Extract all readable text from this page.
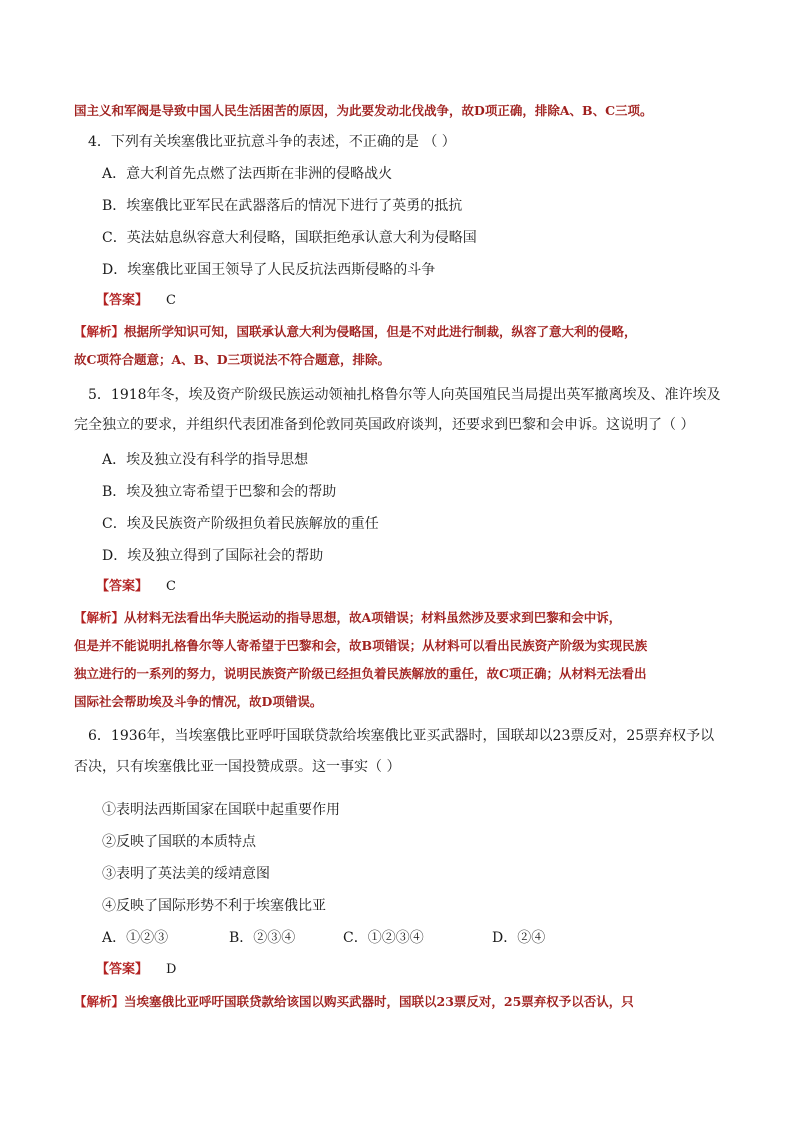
国主义和军阀是导致中国人民生活困苦的原因，为此要发动北伐战争，故D项正确，排除A、B、C三项。
4．下列有关埃塞俄比亚抗意斗争的表述，不正确的是 （ ）
A．意大利首先点燃了法西斯在非洲的侵略战火
B．埃塞俄比亚军民在武器落后的情况下进行了英勇的抵抗
C．英法姑息纵容意大利侵略，国联拒绝承认意大利为侵略国
D．埃塞俄比亚国王领导了人民反抗法西斯侵略的斗争
【答案】 C
【解析】根据所学知识可知，国联承认意大利为侵略国，但是不对此进行制裁，纵容了意大利的侵略，
故C项符合题意；A、B、D三项说法不符合题意，排除。
5．1918年冬，埃及资产阶级民族运动领袖扎格鲁尔等人向英国殖民当局提出英军撤离埃及、准许埃及
完全独立的要求，并组织代表团准备到伦敦同英国政府谈判，还要求到巴黎和会申诉。这说明了（ ）
A．埃及独立没有科学的指导思想
B．埃及独立寄希望于巴黎和会的帮助
C．埃及民族资产阶级担负着民族解放的重任
D．埃及独立得到了国际社会的帮助
【答案】 C
【解析】从材料无法看出华夫脱运动的指导思想，故A项错误；材料虽然涉及要求到巴黎和会中诉，
但是并不能说明扎格鲁尔等人寄希望于巴黎和会，故B项错误；从材料可以看出民族资产阶级为实现民族
独立进行的一系列的努力，说明民族资产阶级已经担负着民族解放的重任，故C项正确；从材料无法看出
国际社会帮助埃及斗争的情况，故D项错误。
6．1936年，当埃塞俄比亚呼吁国联贷款给埃塞俄比亚买武器时，国联却以23票反对，25票弃权予以
否决，只有埃塞俄比亚一国投赞成票。这一事实（ ）
①表明法西斯国家在国联中起重要作用
②反映了国联的本质特点
③表明了英法美的绥靖意图
④反映了国际形势不利于埃塞俄比亚
A．①②③	B．②③④	C．①②③④	D．②④
【答案】 D
【解析】当埃塞俄比亚呼吁国联贷款给该国以购买武器时，国联以23票反对，25票弃权予以否认，只
